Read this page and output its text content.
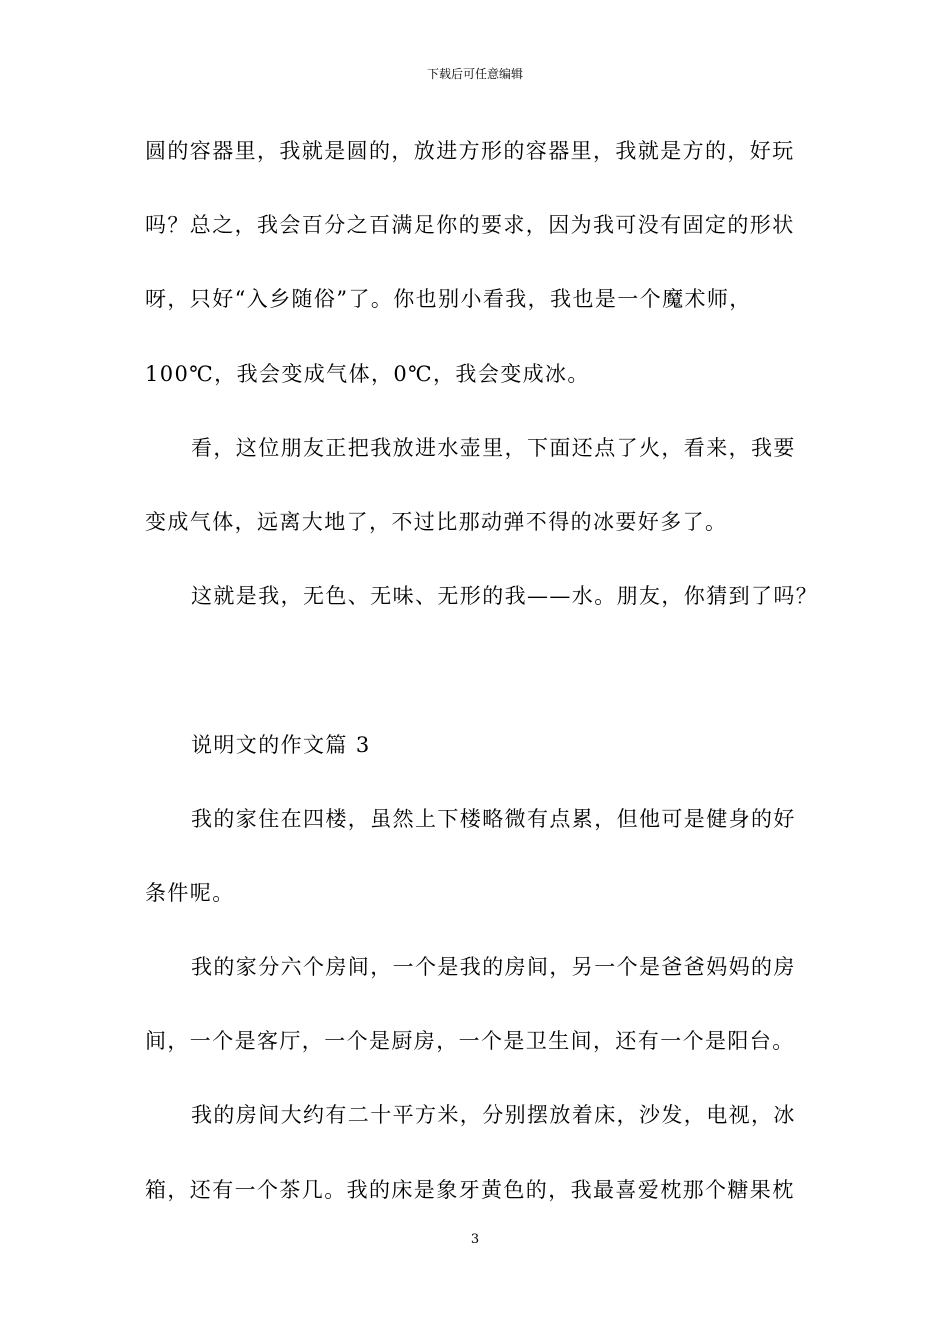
下载后可任意编辑
圆的容器里，我就是圆的，放进方形的容器里，我就是方的，好玩
吗？总之，我会百分之百满足你的要求，因为我可没有固定的形状
呀，只好“入乡随俗”了。你也别小看我，我也是一个魔术师，
100℃，我会变成气体，0℃，我会变成冰。
看，这位朋友正把我放进水壶里，下面还点了火，看来，我要
变成气体，远离大地了，不过比那动弹不得的冰要好多了。
这就是我，无色、无味、无形的我——水。朋友，你猜到了吗？
说明文的作文篇 3
我的家住在四楼，虽然上下楼略微有点累，但他可是健身的好
条件呢。
我的家分六个房间，一个是我的房间，另一个是爸爸妈妈的房
间，一个是客厅，一个是厨房，一个是卫生间，还有一个是阳台。
我的房间大约有二十平方米，分别摆放着床，沙发，电视，冰
箱，还有一个茶几。我的床是象牙黄色的，我最喜爱枕那个糖果枕
3
